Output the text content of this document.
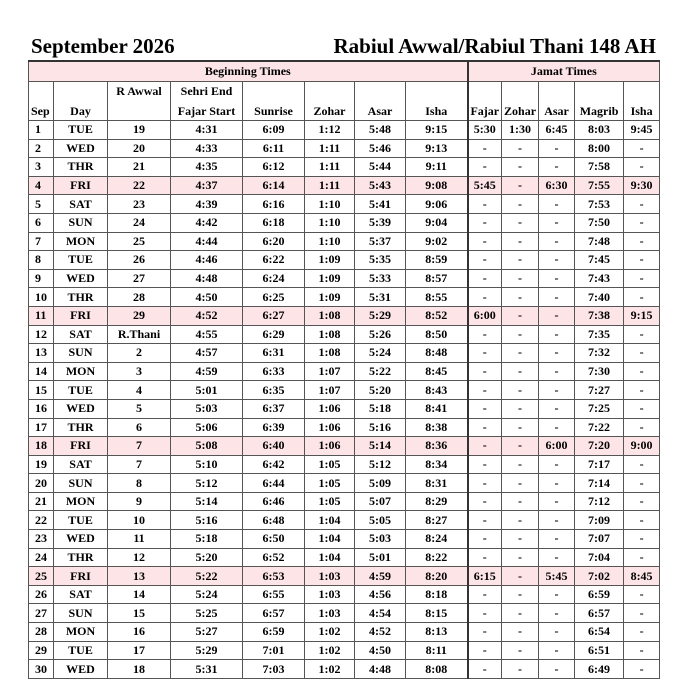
September 2026	Rabiul Awwal/Rabiul Thani 148 AH
Beginning Times								Jamat Times				
		R Awwal	Sehri End									
Sep	Day		Fajar Start	Sunrise	Zohar	Asar	Isha	Fajar	Zohar	Asar	Magrib	Isha
1	TUE	19	4:31	6:09	1:12	5:48	9:15	5:30	1:30	6:45	8:03	9:45
2	WED	20	4:33	6:11	1:11	5:46	9:13	-	-	-	8:00	-
3	THR	21	4:35	6:12	1:11	5:44	9:11	-	-	-	7:58	-
4	FRI	22	4:37	6:14	1:11	5:43	9:08	5:45	-	6:30	7:55	9:30
5	SAT	23	4:39	6:16	1:10	5:41	9:06	-	-	-	7:53	-
6	SUN	24	4:42	6:18	1:10	5:39	9:04	-	-	-	7:50	-
7	MON	25	4:44	6:20	1:10	5:37	9:02	-	-	-	7:48	-
8	TUE	26	4:46	6:22	1:09	5:35	8:59	-	-	-	7:45	-
9	WED	27	4:48	6:24	1:09	5:33	8:57	-	-	-	7:43	-
10	THR	28	4:50	6:25	1:09	5:31	8:55	-	-	-	7:40	-
11	FRI	29	4:52	6:27	1:08	5:29	8:52	6:00	-	-	7:38	9:15
12	SAT	R.Thani	4:55	6:29	1:08	5:26	8:50	-	-	-	7:35	-
13	SUN	2	4:57	6:31	1:08	5:24	8:48	-	-	-	7:32	-
14	MON	3	4:59	6:33	1:07	5:22	8:45	-	-	-	7:30	-
15	TUE	4	5:01	6:35	1:07	5:20	8:43	-	-	-	7:27	-
16	WED	5	5:03	6:37	1:06	5:18	8:41	-	-	-	7:25	-
17	THR	6	5:06	6:39	1:06	5:16	8:38	-	-	-	7:22	-
18	FRI	7	5:08	6:40	1:06	5:14	8:36	-	-	6:00	7:20	9:00
19	SAT	7	5:10	6:42	1:05	5:12	8:34	-	-	-	7:17	-
20	SUN	8	5:12	6:44	1:05	5:09	8:31	-	-	-	7:14	-
21	MON	9	5:14	6:46	1:05	5:07	8:29	-	-	-	7:12	-
22	TUE	10	5:16	6:48	1:04	5:05	8:27	-	-	-	7:09	-
23	WED	11	5:18	6:50	1:04	5:03	8:24	-	-	-	7:07	-
24	THR	12	5:20	6:52	1:04	5:01	8:22	-	-	-	7:04	-
25	FRI	13	5:22	6:53	1:03	4:59	8:20	6:15	-	5:45	7:02	8:45
26	SAT	14	5:24	6:55	1:03	4:56	8:18	-	-	-	6:59	-
27	SUN	15	5:25	6:57	1:03	4:54	8:15	-	-	-	6:57	-
28	MON	16	5:27	6:59	1:02	4:52	8:13	-	-	-	6:54	-
29	TUE	17	5:29	7:01	1:02	4:50	8:11	-	-	-	6:51	-
30	WED	18	5:31	7:03	1:02	4:48	8:08	-	-	-	6:49	-
